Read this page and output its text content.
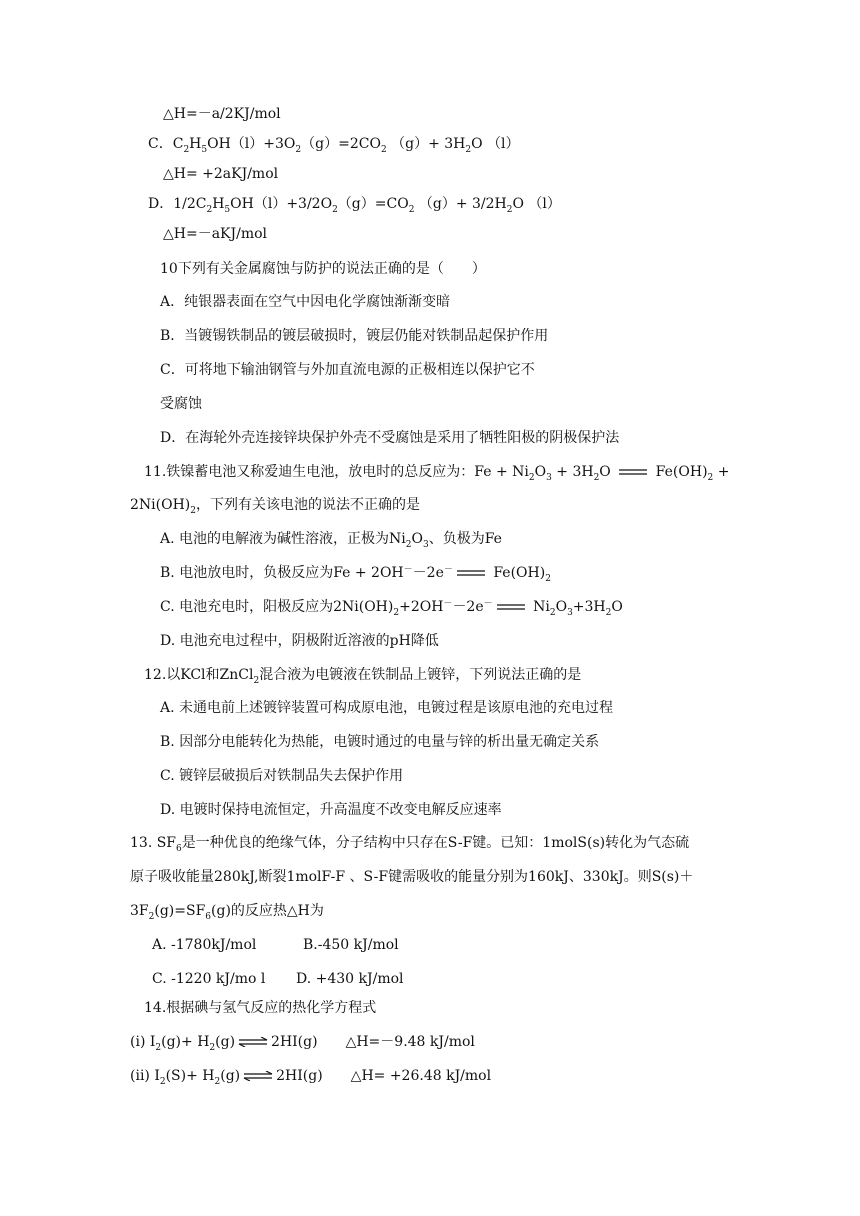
△H=－a/2KJ/mol
C．$C_2H_5OH(l)+3O_2(g)=2CO_2$ $(g)+ 3H_2O$ （l）
△H= +2aKJ/mol
D．$1/2C_2H_5OH(l)+3/2O_2(g)=CO_2$ $(g)+ 3/2H_2O$ （l）
△H=－aKJ/mol
10下列有关金属腐蚀与防护的说法正确的是（　　）
A．纯银器表面在空气中因电化学腐蚀渐渐变暗
B．当镀锡铁制品的镀层破损时，镀层仍能对铁制品起保护作用
C．可将地下输油钢管与外加直流电源的正极相连以保护它不
受腐蚀
D．在海轮外壳连接锌块保护外壳不受腐蚀是采用了牺牲阳极的阴极保护法
11.铁镍蓄电池又称爱迪生电池，放电时的总反应为：$Fe + Ni_2O_3 + 3H_2O$	$Fe(OH)_2$ +
$2Ni(OH)_2$，下列有关该电池的说法不正确的是
A. 电池的电解液为碱性溶液，正极为$Ni_2O_3$、负极为Fe
B. 电池放电时，负极反应为Fe + 2OH－－2e－	$Fe(OH)_2$
C. 电池充电时，阳极反应为$2Ni(OH)_2+2OH^--2e^-$	$Ni_2O_3+3H_2O$
D. 电池充电过程中，阴极附近溶液的pH降低
12.以KCl和ZnCl$_2$混合液为电镀液在铁制品上镀锌，下列说法正确的是
A. 未通电前上述镀锌装置可构成原电池，电镀过程是该原电池的充电过程
B. 因部分电能转化为热能，电镀时通过的电量与锌的析出量无确定关系
C. 镀锌层破损后对铁制品失去保护作用
D. 电镀时保持电流恒定，升高温度不改变电解反应速率
13. $SF_6$是一种优良的绝缘气体，分子结构中只存在S-F键。已知：1molS(s)转化为气态硫
原子吸收能量280kJ,断裂1molF-F 、S-F键需吸收的能量分别为160kJ、330kJ。则S(s)＋
$3F_2(g)=SF_6(g)$的反应热△H为
A. -1780kJ/mol	B.-450 kJ/mol
C. -1220 kJ/mo l D. +430 kJ/mol
14.根据碘与氢气反应的热化学方程式
(i) $I_2(g)+ H_2(g)$ ⇌ 2HI(g) △H=－9.48 kJ/mol
(ii) $I_2(S)+ H_2(g)$ ⇌ 2HI(g) △H= +26.48 kJ/mol
